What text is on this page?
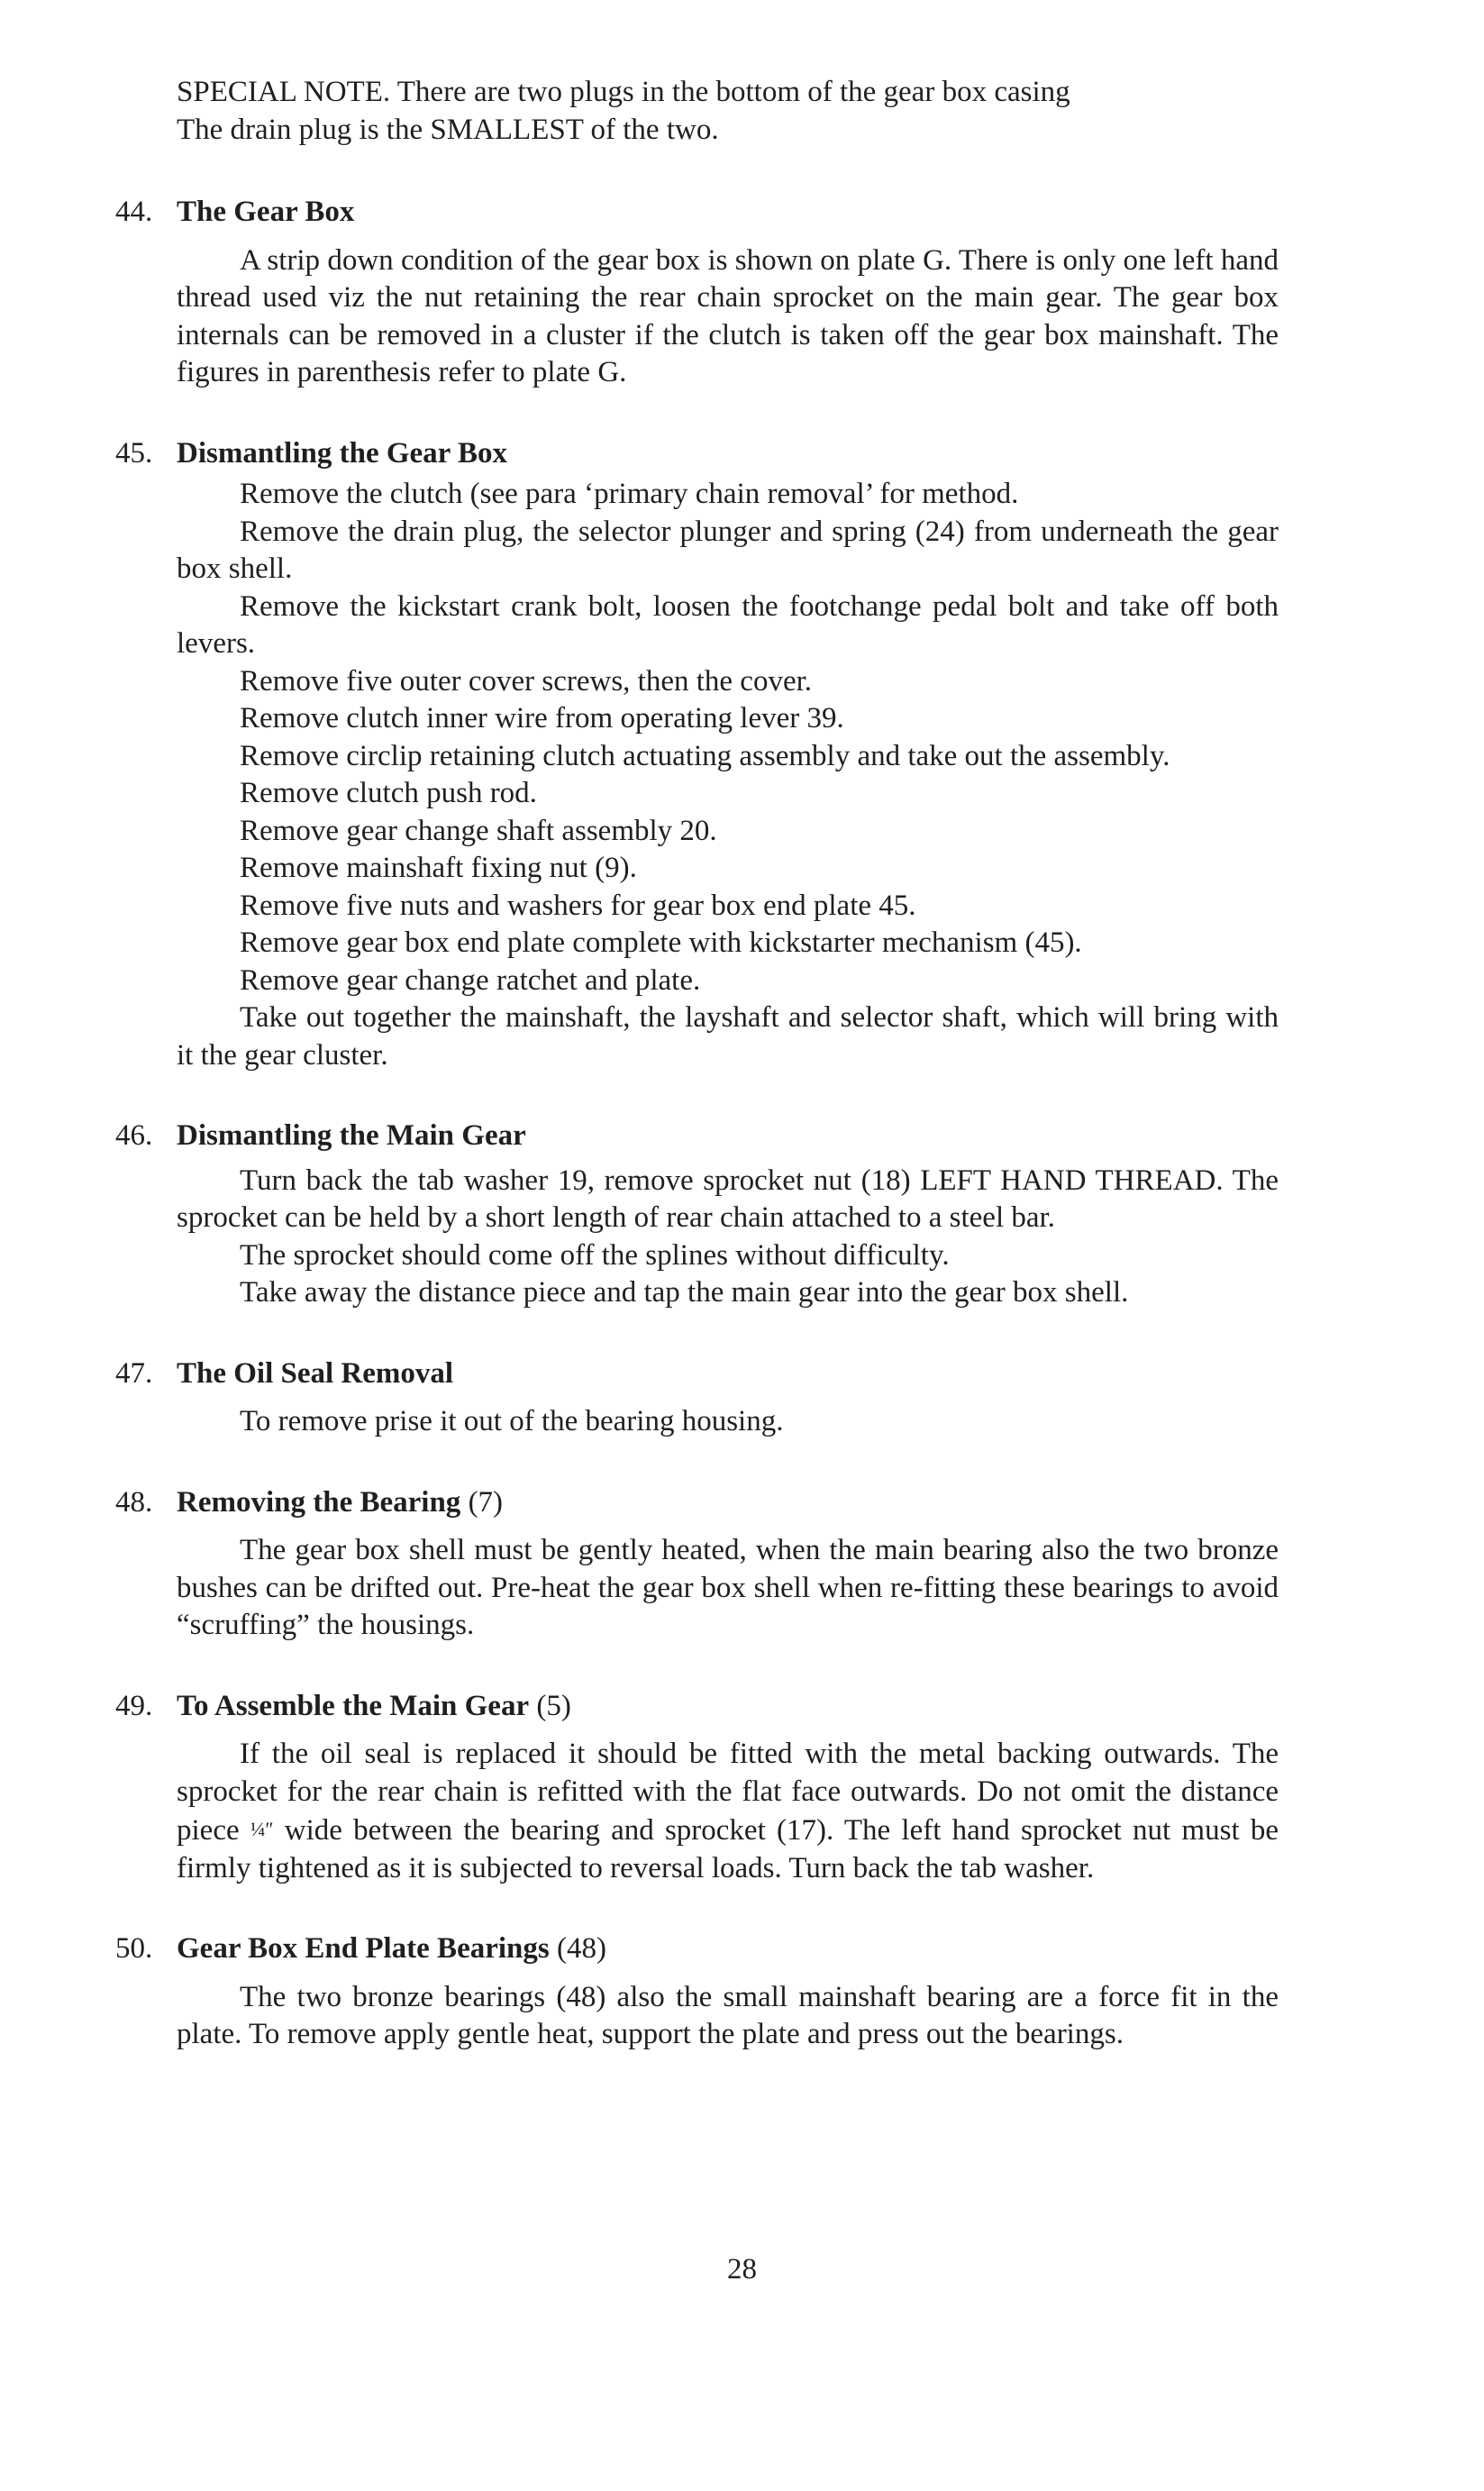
SPECIAL NOTE. There are two plugs in the bottom of the gear box casing
The drain plug is the SMALLEST of the two.

44. The Gear Box

A strip down condition of the gear box is shown on plate G. There is only one left hand thread used viz the nut retaining the rear chain sprocket on the main gear. The gear box internals can be removed in a cluster if the clutch is taken off the gear box mainshaft. The figures in parenthesis refer to plate G.

45. Dismantling the Gear Box

Remove the clutch (see para ‘primary chain removal’ for method.

Remove the drain plug, the selector plunger and spring (24) from underneath the gear box shell.

Remove the kickstart crank bolt, loosen the footchange pedal bolt and take off both levers.

Remove five outer cover screws, then the cover.

Remove clutch inner wire from operating lever 39.

Remove circlip retaining clutch actuating assembly and take out the assembly.

Remove clutch push rod.

Remove gear change shaft assembly 20.

Remove mainshaft fixing nut (9).

Remove five nuts and washers for gear box end plate 45.

Remove gear box end plate complete with kickstarter mechanism (45).

Remove gear change ratchet and plate.

Take out together the mainshaft, the layshaft and selector shaft, which will bring with it the gear cluster.

46. Dismantling the Main Gear

Turn back the tab washer 19, remove sprocket nut (18) LEFT HAND THREAD. The sprocket can be held by a short length of rear chain attached to a steel bar.

The sprocket should come off the splines without difficulty.

Take away the distance piece and tap the main gear into the gear box shell.

47. The Oil Seal Removal

To remove prise it out of the bearing housing.

48. Removing the Bearing (7)

The gear box shell must be gently heated, when the main bearing also the two bronze bushes can be drifted out. Pre-heat the gear box shell when re-fitting these bearings to avoid “scruffing” the housings.

49. To Assemble the Main Gear (5)

If the oil seal is replaced it should be fitted with the metal backing outwards. The sprocket for the rear chain is refitted with the flat face outwards. Do not omit the distance piece ¼″ wide between the bearing and sprocket (17). The left hand sprocket nut must be firmly tightened as it is subjected to reversal loads. Turn back the tab washer.

50. Gear Box End Plate Bearings (48)

The two bronze bearings (48) also the small mainshaft bearing are a force fit in the plate. To remove apply gentle heat, support the plate and press out the bearings.

28
